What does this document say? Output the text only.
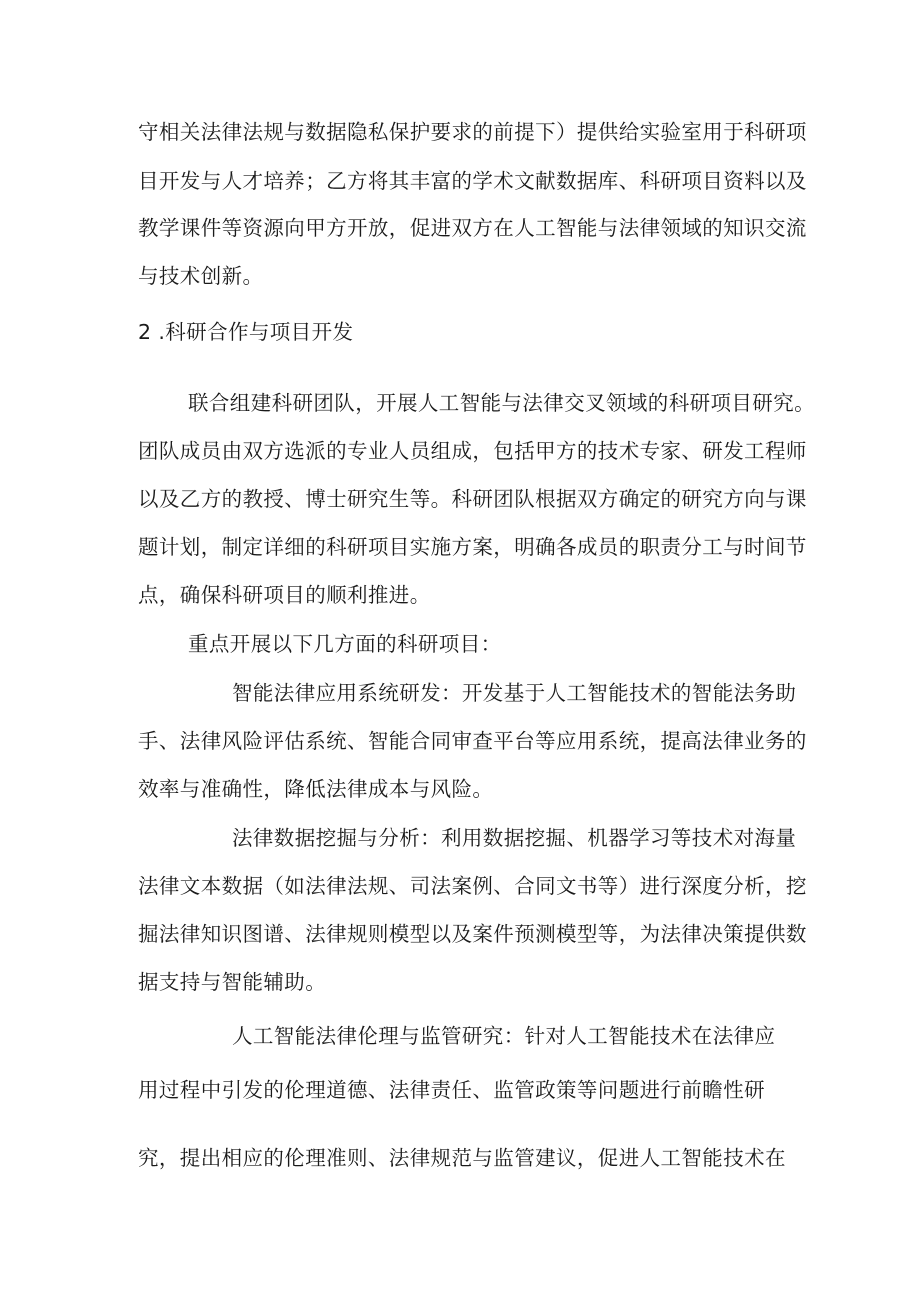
守相关法律法规与数据隐私保护要求的前提下）提供给实验室用于科研项
目开发与人才培养；乙方将其丰富的学术文献数据库、科研项目资料以及
教学课件等资源向甲方开放，促进双方在人工智能与法律领域的知识交流
与技术创新。
2 .科研合作与项目开发
联合组建科研团队，开展人工智能与法律交叉领域的科研项目研究。
团队成员由双方选派的专业人员组成，包括甲方的技术专家、研发工程师
以及乙方的教授、博士研究生等。科研团队根据双方确定的研究方向与课
题计划，制定详细的科研项目实施方案，明确各成员的职责分工与时间节
点，确保科研项目的顺利推进。
重点开展以下几方面的科研项目：
智能法律应用系统研发：开发基于人工智能技术的智能法务助
手、法律风险评估系统、智能合同审查平台等应用系统，提高法律业务的
效率与准确性，降低法律成本与风险。
法律数据挖掘与分析：利用数据挖掘、机器学习等技术对海量
法律文本数据（如法律法规、司法案例、合同文书等）进行深度分析，挖
掘法律知识图谱、法律规则模型以及案件预测模型等，为法律决策提供数
据支持与智能辅助。
人工智能法律伦理与监管研究：针对人工智能技术在法律应
用过程中引发的伦理道德、法律责任、监管政策等问题进行前瞻性研
究，提出相应的伦理准则、法律规范与监管建议，促进人工智能技术在
